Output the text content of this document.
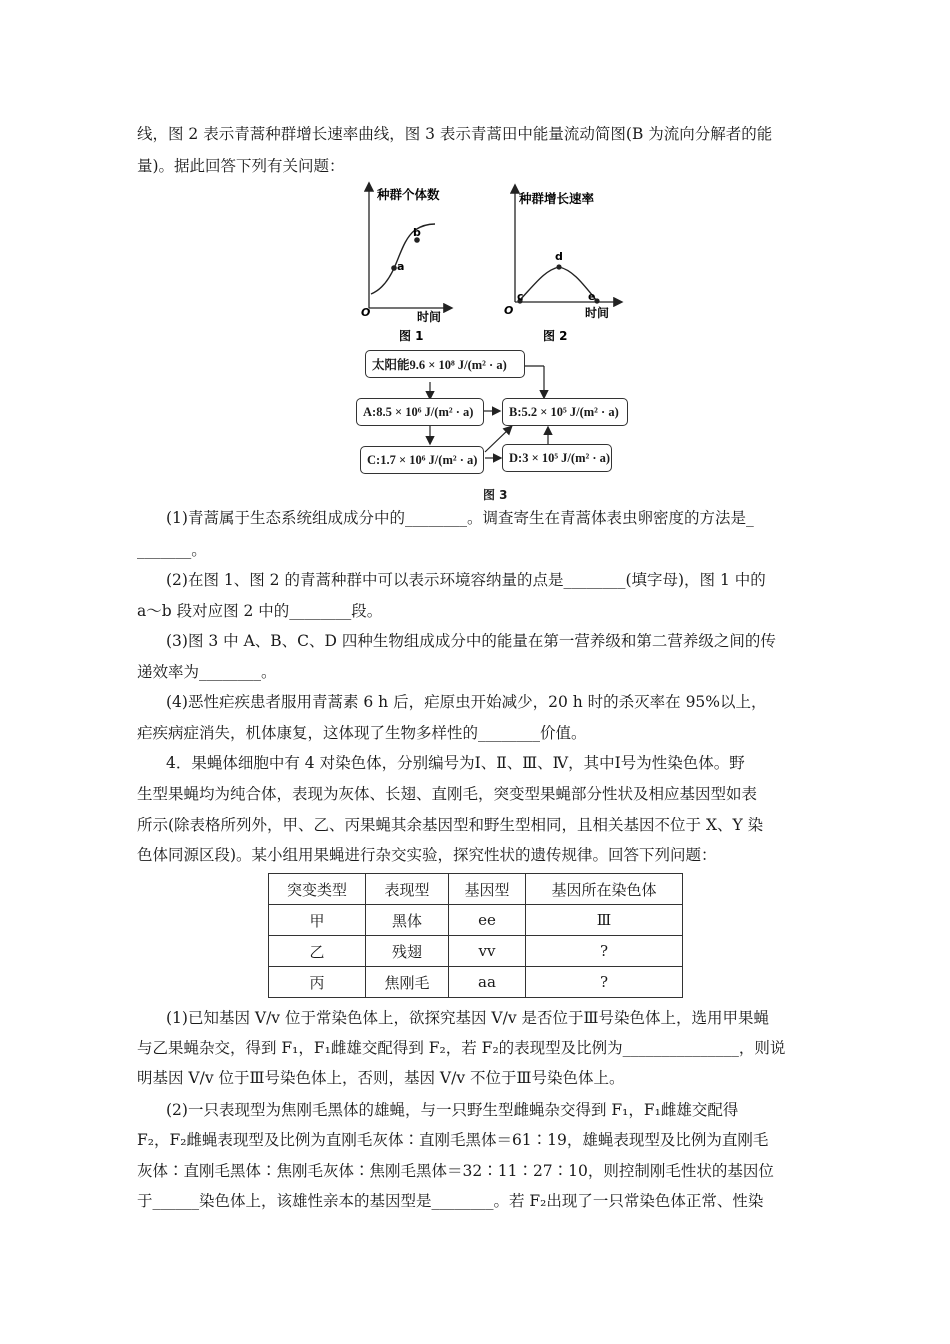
线，图 2 表示青蒿种群增长速率曲线，图 3 表示青蒿田中能量流动简图(B 为流向分解者的能
量)。据此回答下列有关问题：
种群个体数
a
b
O	时间
图 1
种群增长速率
c
d
e
O	时间
图 2
太阳能9.6 × 10⁸ J/(m² · a)
A:8.5 × 10⁶ J/(m² · a)	B:5.2 × 10⁵ J/(m² · a)
C:1.7 × 10⁶ J/(m² · a)	D:3 × 10⁵ J/(m² · a)
图 3
(1)青蒿属于生态系统组成成分中的________。调查寄生在青蒿体表虫卵密度的方法是_
_______。
(2)在图 1、图 2 的青蒿种群中可以表示环境容纳量的点是________(填字母)，图 1 中的
a～b 段对应图 2 中的________段。
(3)图 3 中 A、B、C、D 四种生物组成成分中的能量在第一营养级和第二营养级之间的传
递效率为________。
(4)恶性疟疾患者服用青蒿素 6 h 后，疟原虫开始减少，20 h 时的杀灭率在 95%以上，
疟疾病症消失，机体康复，这体现了生物多样性的________价值。
4．果蝇体细胞中有 4 对染色体，分别编号为Ⅰ、Ⅱ、Ⅲ、Ⅳ，其中Ⅰ号为性染色体。野
生型果蝇均为纯合体，表现为灰体、长翅、直刚毛，突变型果蝇部分性状及相应基因型如表
所示(除表格所列外，甲、乙、丙果蝇其余基因型和野生型相同，且相关基因不位于 X、Y 染
色体同源区段)。某小组用果蝇进行杂交实验，探究性状的遗传规律。回答下列问题：
突变类型	表现型	基因型	基因所在染色体
甲	黑体	ee	Ⅲ
乙	残翅	vv	?
丙	焦刚毛	aa	?
(1)已知基因 V/v 位于常染色体上，欲探究基因 V/v 是否位于Ⅲ号染色体上，选用甲果蝇
与乙果蝇杂交，得到 F₁，F₁雌雄交配得到 F₂，若 F₂的表现型及比例为_______________，则说
明基因 V/v 位于Ⅲ号染色体上，否则，基因 V/v 不位于Ⅲ号染色体上。
(2)一只表现型为焦刚毛黑体的雄蝇，与一只野生型雌蝇杂交得到 F₁，F₁雌雄交配得
F₂，F₂雌蝇表现型及比例为直刚毛灰体∶直刚毛黑体＝61∶19，雄蝇表现型及比例为直刚毛
灰体∶直刚毛黑体∶焦刚毛灰体∶焦刚毛黑体＝32∶11∶27∶10，则控制刚毛性状的基因位
于______染色体上，该雄性亲本的基因型是________。若 F₂出现了一只常染色体正常、性染
